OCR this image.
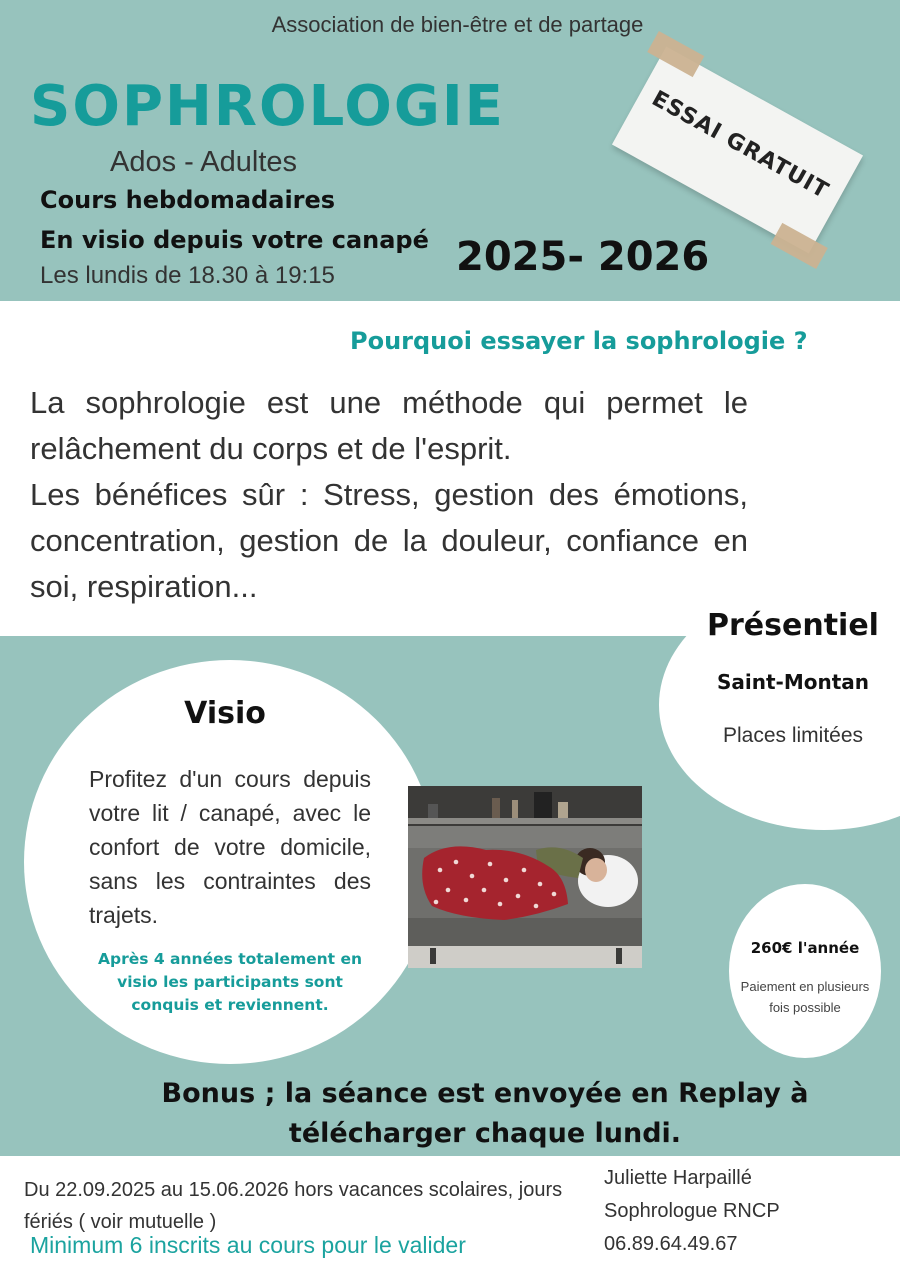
Association de bien-être et de partage
SOPHROLOGIE
Ados - Adultes
Cours hebdomadaires
En visio depuis votre canapé
Les lundis de 18.30 à 19:15	2025- 2026
ESSAI GRATUIT
Pourquoi essayer la sophrologie ?
La sophrologie est une méthode qui permet le relâchement du corps et de l'esprit.
Les bénéfices sûr : Stress, gestion des émotions, concentration, gestion de la douleur, confiance en soi, respiration...
Présentiel
Saint-Montan
Places limitées
Visio
Profitez d'un cours depuis votre lit / canapé, avec le confort de votre domicile, sans les contraintes des trajets.
Après 4 années totalement en visio les participants sont conquis et reviennent.
260€ l'année
Paiement en plusieurs fois possible
Bonus ; la séance est envoyée en Replay à
télécharger chaque lundi.
Du 22.09.2025 au 15.06.2026 hors vacances scolaires, jours fériés ( voir mutuelle )
Minimum 6 inscrits au cours pour le valider
Juliette Harpaillé
Sophrologue RNCP
06.89.64.49.67
